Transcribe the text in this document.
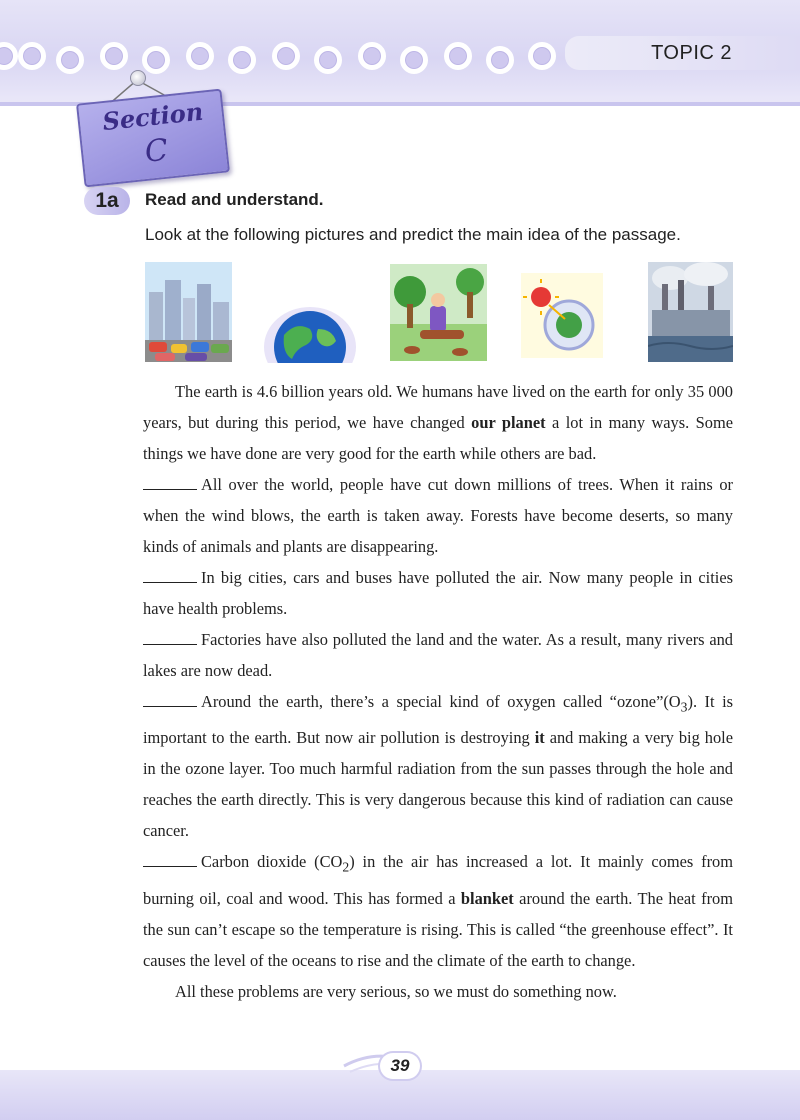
TOPIC 2
Section
C
1a	Read and understand.
Look at the following pictures and predict the main idea of the passage.

The earth is 4.6 billion years old. We humans have lived on the earth for only 35 000 years, but during this period, we have changed our planet a lot in many ways. Some things we have done are very good for the earth while others are bad.

All over the world, people have cut down millions of trees. When it rains or when the wind blows, the earth is taken away. Forests have become deserts, so many kinds of animals and plants are disappearing.

In big cities, cars and buses have polluted the air. Now many people in cities have health problems.

Factories have also polluted the land and the water. As a result, many rivers and lakes are now dead.

Around the earth, there’s a special kind of oxygen called “$ozone”(O_3)$. It is important to the earth. But now air pollution is destroying it and making a very big hole in the ozone layer. Too much harmful radiation from the sun passes through the hole and reaches the earth directly. This is very dangerous because this kind of radiation can cause cancer.

Carbon dioxide $(CO_2)$ in the air has increased a lot. It mainly comes from burning oil, coal and wood. This has formed a blanket around the earth. The heat from the sun can’t escape so the temperature is rising. This is called “the greenhouse effect”. It causes the level of the oceans to rise and the climate of the earth to change.

All these problems are very serious, so we must do something now.

39
